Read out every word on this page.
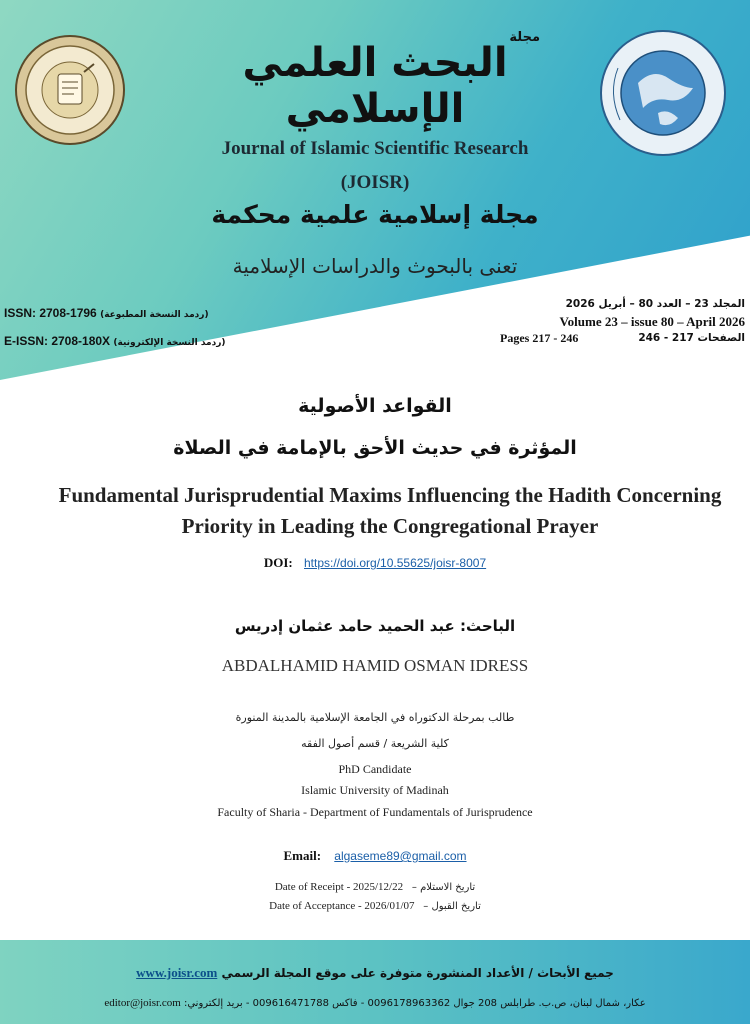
مجلة
البحث العلمي الإسلامي
Journal of Islamic Scientific Research
(JOISR)
مجلة إسلامية علمية محكمة
تعنى بالبحوث والدراسات الإسلامية
ISSN: 2708-1796 (ردمد النسخة المطبوعة)
E-ISSN: 2708-180X (ردمد النسخة الإلكترونية)
المجلد 23 – العدد 80 – أبريل 2026
Volume 23 – issue 80 – April 2026
Pages 217 - 246	الصفحات 217 - 246
القواعد الأصولية
المؤثرة في حديث الأحق بالإمامة في الصلاة
Fundamental Jurisprudential Maxims Influencing the Hadith Concerning
Priority in Leading the Congregational Prayer
DOI: https://doi.org/10.55625/joisr-8007
الباحث: عبد الحميد حامد عثمان إدريس
ABDALHAMID HAMID OSMAN IDRESS
طالب بمرحلة الدكتوراه في الجامعة الإسلامية بالمدينة المنورة
كلية الشريعة / قسم أصول الفقه
PhD Candidate
Islamic University of Madinah
Faculty of Sharia - Department of Fundamentals of Jurisprudence
Email: algaseme89@gmail.com
Date of Receipt - 2025/12/22 – تاريخ الاستلام
Date of Acceptance - 2026/01/07 – تاريخ القبول
جميع الأبحاث / الأعداد المنشورة متوفرة على موقع المجلة الرسمي www.joisr.com
عكار، شمال لبنان، ص.ب. طرابلس 208 جوال 0096178963362 - فاكس 009616471788 - بريد إلكتروني: editor@joisr.com
